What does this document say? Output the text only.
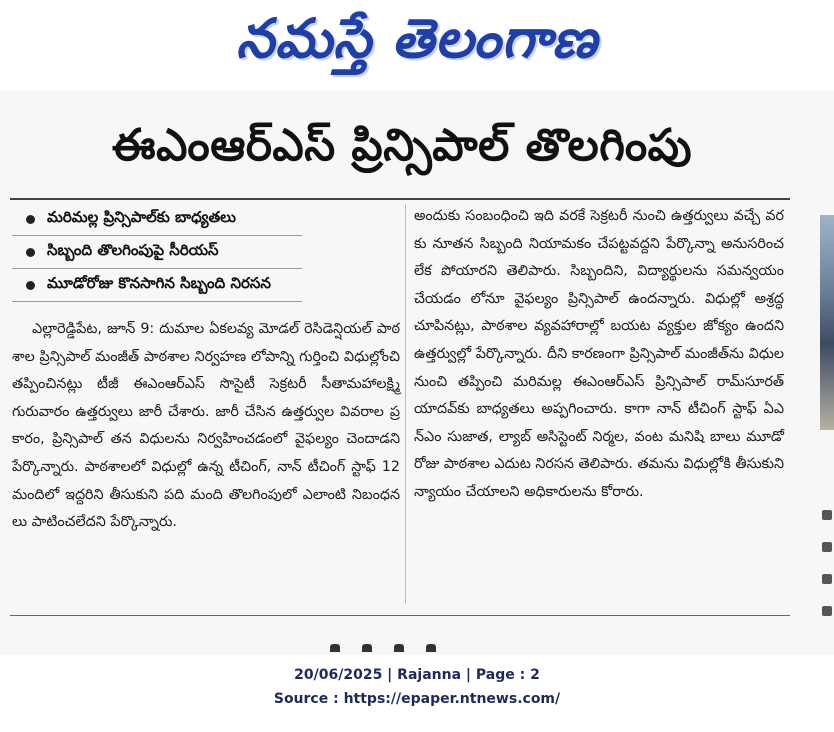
నమస్తే తెలంగాణ
ఈఎంఆర్ఎస్ ప్రిన్సిపాల్ తొలగింపు
మరిమల్ల ప్రిన్సిపాల్‌కు బాధ్యతలు
సిబ్బంది తొలగింపుపై సీరియస్
మూడోరోజు కొనసాగిన సిబ్బంది నిరసన

ఎల్లారెడ్డిపేట, జూన్ 9: దుమాల ఏకలవ్య మోడల్ రెసిడెన్షియల్ పాఠశాల ప్రిన్సిపాల్ మంజీత్ పాఠశాల నిర్వహణ లోపాన్ని గుర్తించి విధుల్లోంచి తప్పించినట్లు టీజీ ఈఎంఆర్ఎస్ సొసైటీ సెక్రటరీ సీతామహాలక్ష్మి గురువారం ఉత్తర్వులు జారీ చేశారు. జారీ చేసిన ఉత్తర్వుల వివరాల ప్రకారం, ప్రిన్సిపాల్ తన విధులను నిర్వహించడంలో వైఫల్యం చెందాడని పేర్కొన్నారు. పాఠశాలలో విధుల్లో ఉన్న టీచింగ్, నాన్ టీచింగ్ స్టాఫ్ 12 మందిలో ఇద్దరిని తీసుకుని పది మంది తొలగింపులో ఎలాంటి నిబంధనలు పాటించలేదని పేర్కొన్నారు.

అందుకు సంబంధించి ఇది వరకే సెక్రటరీ నుంచి ఉత్తర్వులు వచ్చే వరకు నూతన సిబ్బంది నియామకం చేపట్టవద్దని పేర్కొన్నా అనుసరించలేక పోయారని తెలిపారు. సిబ్బందిని, విద్యార్థులను సమన్వయం చేయడం లోనూ వైఫల్యం ప్రిన్సిపాల్ ఉందన్నారు. విధుల్లో అశ్రద్ధ చూపినట్లు, పాఠశాల వ్యవహారాల్లో బయట వ్యక్తుల జోక్యం ఉందని ఉత్తర్వుల్లో పేర్కొన్నారు. దీని కారణంగా ప్రిన్సిపాల్ మంజీత్‌ను విధుల నుంచి తప్పించి మరిమల్ల ఈఎంఆర్ఎస్ ప్రిన్సిపాల్ రామ్‌సూరత్ యాదవ్‌కు బాధ్యతలు అప్పగించారు. కాగా నాన్ టీచింగ్ స్టాఫ్ ఏఎన్ఎం సుజాత, ల్యాబ్ అసిస్టెంట్ నిర్మల, వంట మనిషి బాలు మూడో రోజు పాఠశాల ఎదుట నిరసన తెలిపారు. తమను విధుల్లోకి తీసుకుని న్యాయం చేయాలని అధికారులను కోరారు.

20/06/2025 | Rajanna | Page : 2
Source : https://epaper.ntnews.com/
